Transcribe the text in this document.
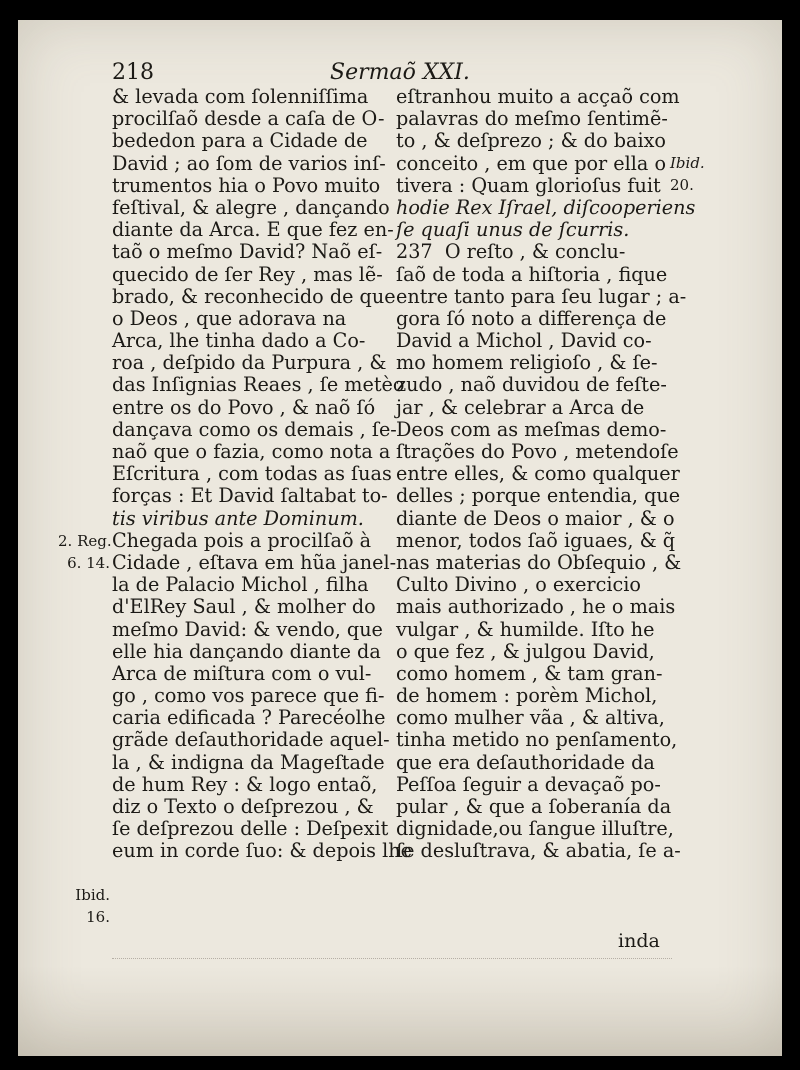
218	Sermaõ XXI.
& levada com ſolenniſſima
procilſaõ desde a caſa de O-
bededon para a Cidade de
David ; ao ſom de varios inſ-
trumentos hia o Povo muito
feſtival, & alegre , dançando
diante da Arca. E que fez en-
taõ o meſmo David? Naõ eſ-
quecido de ſer Rey , mas lẽ-
brado, & reconhecido de que
o Deos , que adorava na
Arca, lhe tinha dado a Co-
roa , deſpido da Purpura , &
das Inſignias Reaes , ſe metèo
entre os do Povo , & naõ ſó
dançava como os demais , ſe-
naõ que o fazia, como nota a
Eſcritura , com todas as ſuas
forças : Et David ſaltabat to-
tis viribus ante Dominum.
Chegada pois a procilſaõ à
Cidade , eſtava em hũa janel-
la de Palacio Michol , filha
d'ElRey Saul , & molher do
meſmo David: & vendo, que
elle hia dançando diante da
Arca de miſtura com o vul-
go , como vos parece que fi-
caria edificada ? Parecéolhe
grãde deſauthoridade aquel-
la , & indigna da Mageſtade
de hum Rey : & logo entaõ,
diz o Texto o deſprezou , &
ſe deſprezou delle : Deſpexit
eum in corde ſuo: & depois lhe
eſtranhou muito a acçaõ com
palavras do meſmo ſentimẽ-
to , & deſprezo ; & do baixo
conceito , em que por ella o
tivera : Quam glorioſus fuit
hodie Rex Iſrael, diſcooperiens
ſe quaſi unus de ſcurris.
237  O reſto , & conclu-
ſaõ de toda a hiſtoria , fique
entre tanto para ſeu lugar ; a-
gora ſó noto a differença de
David a Michol , David co-
mo homem religioſo , & ſe-
zudo , naõ duvidou de feſte-
jar , & celebrar a Arca de
Deos com as meſmas demo-
ſtrações do Povo , metendoſe
entre elles, & como qualquer
delles ; porque entendia, que
diante de Deos o maior , & o
menor, todos ſaõ iguaes, & q̃
nas materias do Obſequio , &
Culto Divino , o exercicio
mais authorizado , he o mais
vulgar , & humilde. Iſto he
o que fez , & julgou David,
como homem , & tam gran-
de homem : porèm Michol,
como mulher vãa , & altiva,
tinha metido no penſamento,
que era deſauthoridade da
Peſſoa ſeguir a devaçaõ po-
pular , & que a ſoberanía da
dignidade,ou ſangue illuſtre,
ſe desluſtrava, & abatia, ſe a-
2. Reg.
6. 14.
Ibid.
16.
Ibid.
20.
inda
